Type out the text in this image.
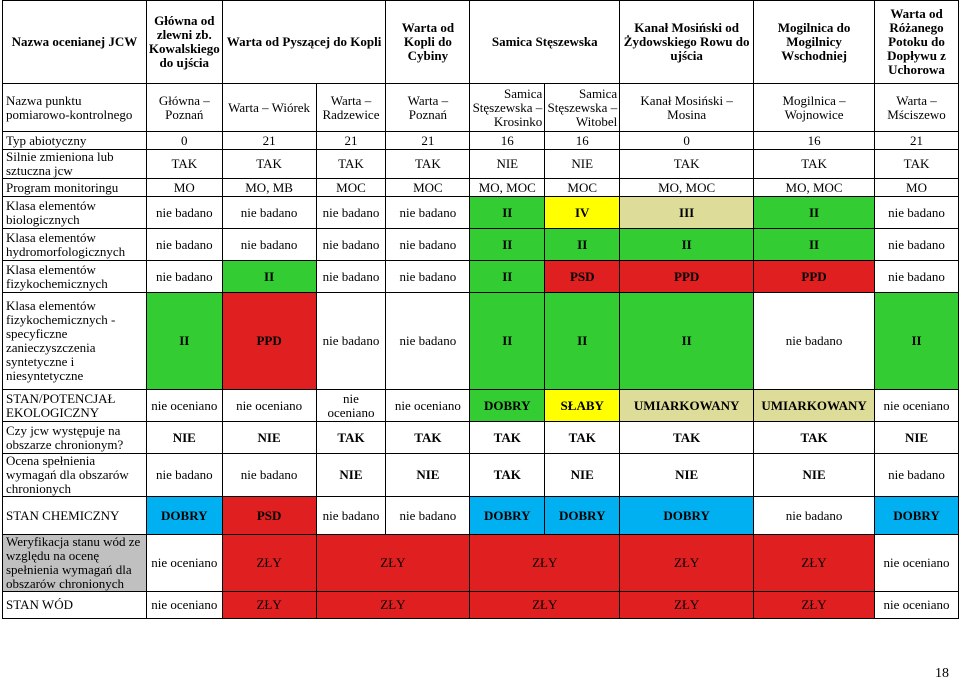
Nazwa ocenianej JCW	Główna od zlewni zb. Kowalskiego do ujścia	Warta od Pyszącej do Kopli		Warta od Kopli do Cybiny	Samica Stęszewska		Kanał Mosiński od Żydowskiego Rowu do ujścia	Mogilnica do Mogilnicy Wschodniej	Warta od Różanego Potoku do Dopływu z Uchorowa
Nazwa punktu pomiarowo-kontrolnego	Główna – Poznań	Warta – Wiórek	Warta – Radzewice	Warta – Poznań	Samica Stęszewska – Krosinko	Samica Stęszewska – Witobel	Kanał Mosiński – Mosina	Mogilnica – Wojnowice	Warta – Mściszewo
Typ abiotyczny	0	21	21	21	16	16	0	16	21
Silnie zmieniona lub sztuczna jcw	TAK	TAK	TAK	TAK	NIE	NIE	TAK	TAK	TAK
Program monitoringu	MO	MO, MB	MOC	MOC	MO, MOC	MOC	MO, MOC	MO, MOC	MO
Klasa elementów biologicznych	nie badano	nie badano	nie badano	nie badano	II	IV	III	II	nie badano
Klasa elementów hydromorfologicznych	nie badano	nie badano	nie badano	nie badano	II	II	II	II	nie badano
Klasa elementów fizykochemicznych	nie badano	II	nie badano	nie badano	II	PSD	PPD	PPD	nie badano
Klasa elementów fizykochemicznych - specyficzne zanieczyszczenia syntetyczne i niesyntetyczne	II	PPD	nie badano	nie badano	II	II	II	nie badano	II
STAN/POTENCJAŁ EKOLOGICZNY	nie oceniano	nie oceniano	nie oceniano	nie oceniano	DOBRY	SŁABY	UMIARKOWANY	UMIARKOWANY	nie oceniano
Czy jcw występuje na obszarze chronionym?	NIE	NIE	TAK	TAK	TAK	TAK	TAK	TAK	NIE
Ocena spełnienia wymagań dla obszarów chronionych	nie badano	nie badano	NIE	NIE	TAK	NIE	NIE	NIE	nie badano
STAN CHEMICZNY	DOBRY	PSD	nie badano	nie badano	DOBRY	DOBRY	DOBRY	nie badano	DOBRY
Weryfikacja stanu wód ze względu na ocenę spełnienia wymagań dla obszarów chronionych	nie oceniano	ZŁY	ZŁY		ZŁY		ZŁY	ZŁY	nie oceniano
STAN WÓD	nie oceniano	ZŁY	ZŁY		ZŁY		ZŁY	ZŁY	nie oceniano
18
